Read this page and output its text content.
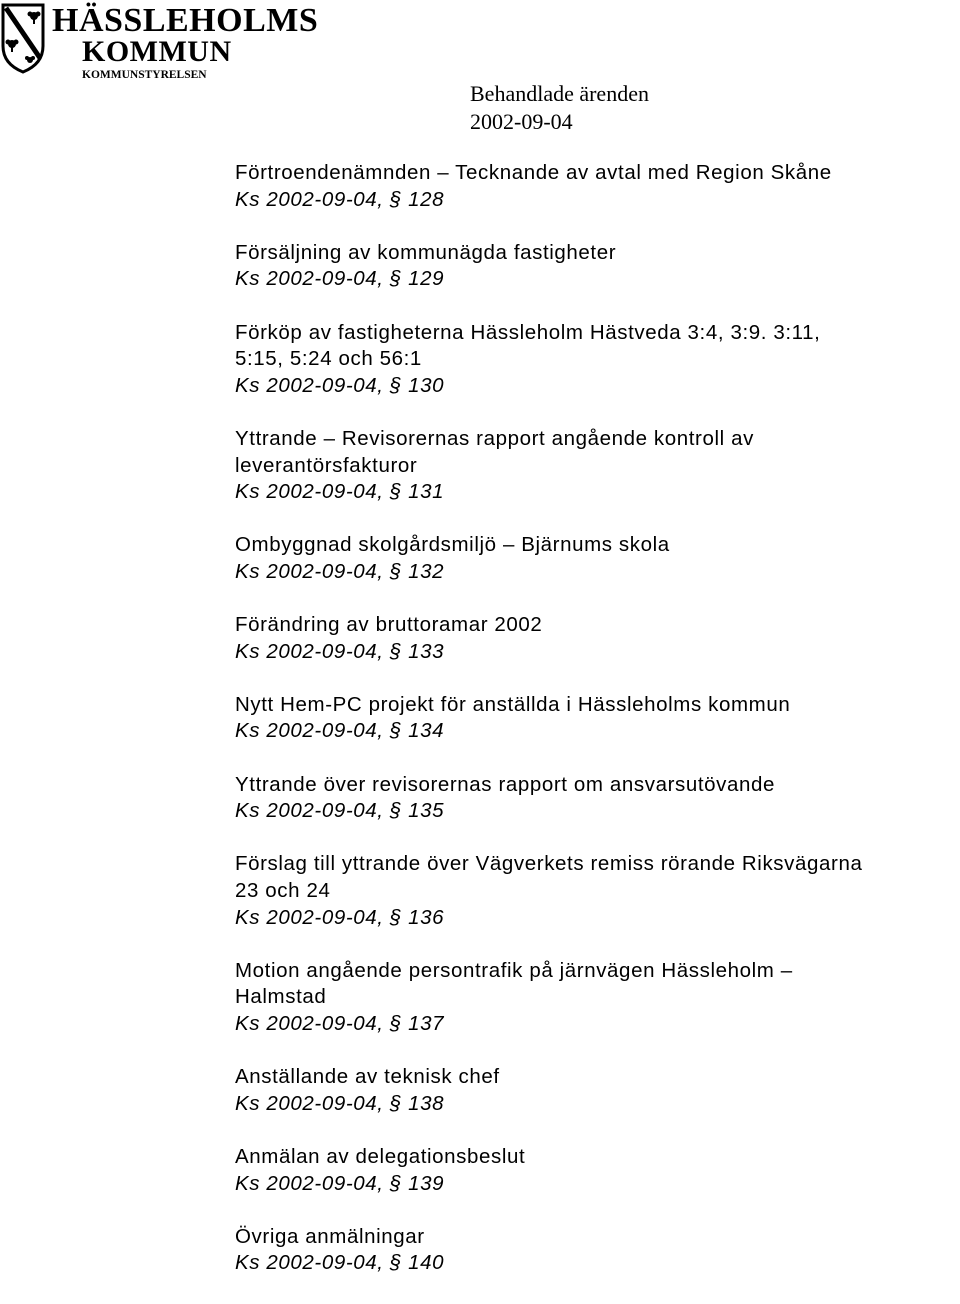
HÄSSLEHOLMS
KOMMUN
KOMMUNSTYRELSEN
Behandlade ärenden
2002-09-04
Förtroendenämnden – Tecknande av avtal med Region Skåne
Ks 2002-09-04, § 128
Försäljning av kommunägda fastigheter
Ks 2002-09-04, § 129
Förköp av fastigheterna Hässleholm Hästveda 3:4, 3:9. 3:11,
5:15, 5:24 och 56:1
Ks 2002-09-04, § 130
Yttrande – Revisorernas rapport angående kontroll av
leverantörsfakturor
Ks 2002-09-04, § 131
Ombyggnad skolgårdsmiljö – Bjärnums skola
Ks 2002-09-04, § 132
Förändring av bruttoramar 2002
Ks 2002-09-04, § 133
Nytt Hem-PC projekt för anställda i Hässleholms kommun
Ks 2002-09-04, § 134
Yttrande över revisorernas rapport om ansvarsutövande
Ks 2002-09-04, § 135
Förslag till yttrande över Vägverkets remiss rörande Riksvägarna
23 och 24
Ks 2002-09-04, § 136
Motion angående persontrafik på järnvägen Hässleholm –
Halmstad
Ks 2002-09-04, § 137
Anställande av teknisk chef
Ks 2002-09-04, § 138
Anmälan av delegationsbeslut
Ks 2002-09-04, § 139
Övriga anmälningar
Ks 2002-09-04, § 140
